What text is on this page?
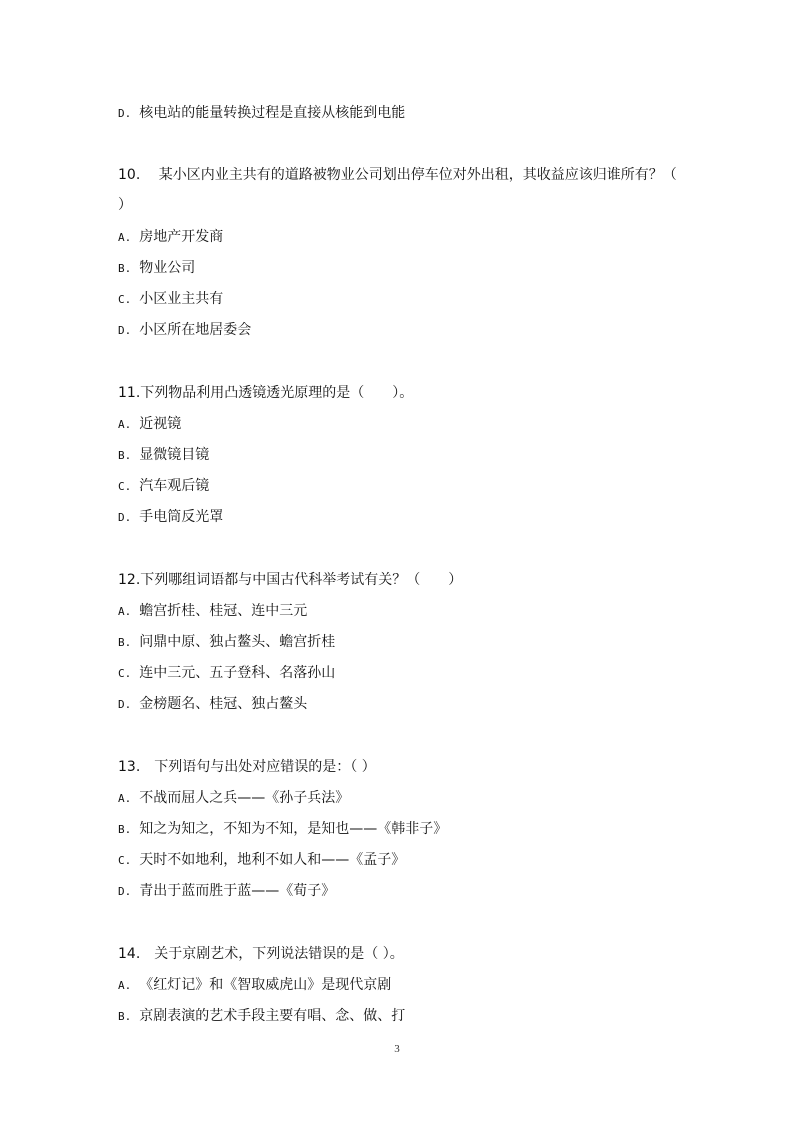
D. 核电站的能量转换过程是直接从核能到电能
10.　 某小区内业主共有的道路被物业公司划出停车位对外出租，其收益应该归谁所有？（
）
A. 房地产开发商
B. 物业公司
C. 小区业主共有
D. 小区所在地居委会
11.下列物品利用凸透镜透光原理的是（　　）。
A. 近视镜
B. 显微镜目镜
C. 汽车观后镜
D. 手电筒反光罩
12.下列哪组词语都与中国古代科举考试有关？（　　）
A. 蟾宫折桂、桂冠、连中三元
B. 问鼎中原、独占鳌头、蟾宫折桂
C. 连中三元、五子登科、名落孙山
D. 金榜题名、桂冠、独占鳌头
13.　下列语句与出处对应错误的是：（ ）
A. 不战而屈人之兵——《孙子兵法》
B. 知之为知之，不知为不知，是知也——《韩非子》
C. 天时不如地利，地利不如人和——《孟子》
D. 青出于蓝而胜于蓝——《荀子》
14.　关于京剧艺术，下列说法错误的是（ ）。
A. 《红灯记》和《智取威虎山》是现代京剧
B. 京剧表演的艺术手段主要有唱、念、做、打
3
